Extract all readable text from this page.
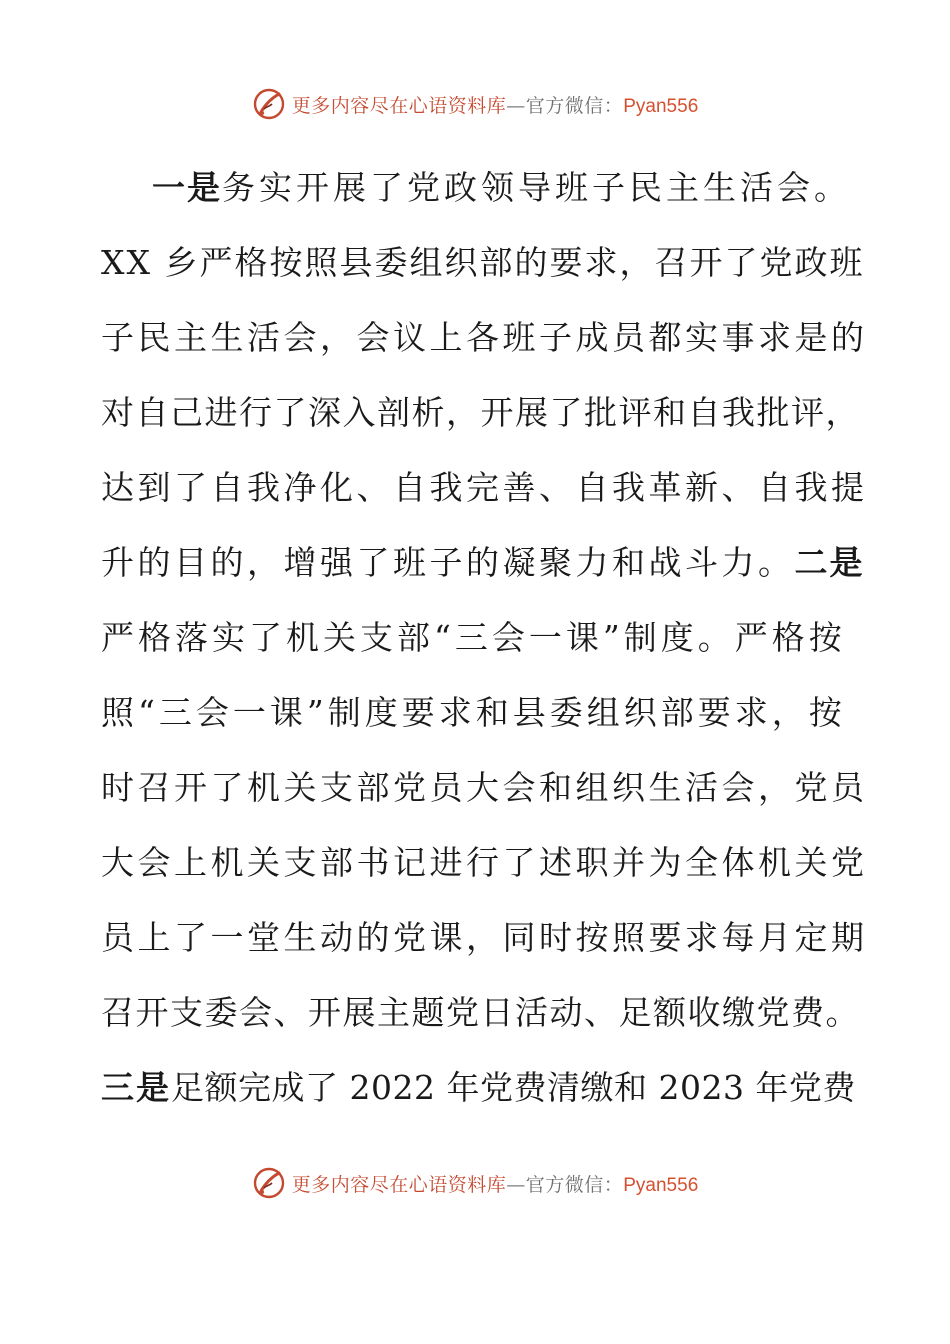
更多内容尽在心语资料库—官方微信：Pyan556
一是务实开展了党政领导班子民主生活会。
XX 乡严格按照县委组织部的要求，召开了党政班
子民主生活会，会议上各班子成员都实事求是的
对自己进行了深入剖析，开展了批评和自我批评，
达到了自我净化、自我完善、自我革新、自我提
升的目的，增强了班子的凝聚力和战斗力。二是
严格落实了机关支部“三会一课”制度。严格按
照“三会一课”制度要求和县委组织部要求，按
时召开了机关支部党员大会和组织生活会，党员
大会上机关支部书记进行了述职并为全体机关党
员上了一堂生动的党课，同时按照要求每月定期
召开支委会、开展主题党日活动、足额收缴党费。
三是足额完成了 2022 年党费清缴和 2023 年党费
更多内容尽在心语资料库—官方微信：Pyan556
